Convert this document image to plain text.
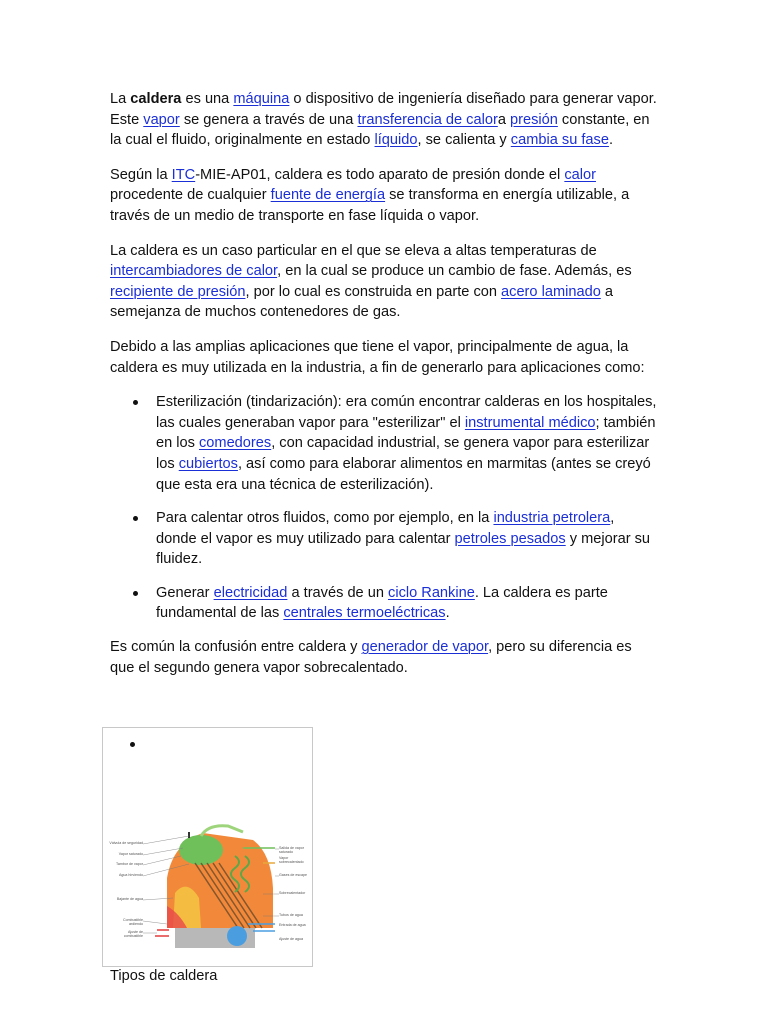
La caldera es una máquina o dispositivo de ingeniería diseñado para generar vapor. Este vapor se genera a través de una transferencia de calora presión constante, en la cual el fluido, originalmente en estado líquido, se calienta y cambia su fase.

Según la ITC-MIE-AP01, caldera es todo aparato de presión donde el calor procedente de cualquier fuente de energía se transforma en energía utilizable, a través de un medio de transporte en fase líquida o vapor.

La caldera es un caso particular en el que se eleva a altas temperaturas de intercambiadores de calor, en la cual se produce un cambio de fase. Además, es recipiente de presión, por lo cual es construida en parte con acero laminado a semejanza de muchos contenedores de gas.

Debido a las amplias aplicaciones que tiene el vapor, principalmente de agua, la caldera es muy utilizada en la industria, a fin de generarlo para aplicaciones como:

Esterilización (tindarización): era común encontrar calderas en los hospitales, las cuales generaban vapor para "esterilizar" el instrumental médico; también en los comedores, con capacidad industrial, se genera vapor para esterilizar los cubiertos, así como para elaborar alimentos en marmitas (antes se creyó que esta era una técnica de esterilización).
Para calentar otros fluidos, como por ejemplo, en la industria petrolera, donde el vapor es muy utilizado para calentar petroles pesados y mejorar su fluidez.
Generar electricidad a través de un ciclo Rankine. La caldera es parte fundamental de las centrales termoeléctricas.

Es común la confusión entre caldera y generador de vapor, pero su diferencia es que el segundo genera vapor sobrecalentado.

Válvula de seguridad
Vapor saturado
Tambor de vapor
Agua hirviendo
Bajante de agua
Combustible ardiendo
Ajuste de combustible
Salida de vapor saturado
Vapor sobrecalentado
Gases de escape
Sobrecalentador
Tubos de agua
Entrada de agua
Ajuste de agua
Tipos de caldera
